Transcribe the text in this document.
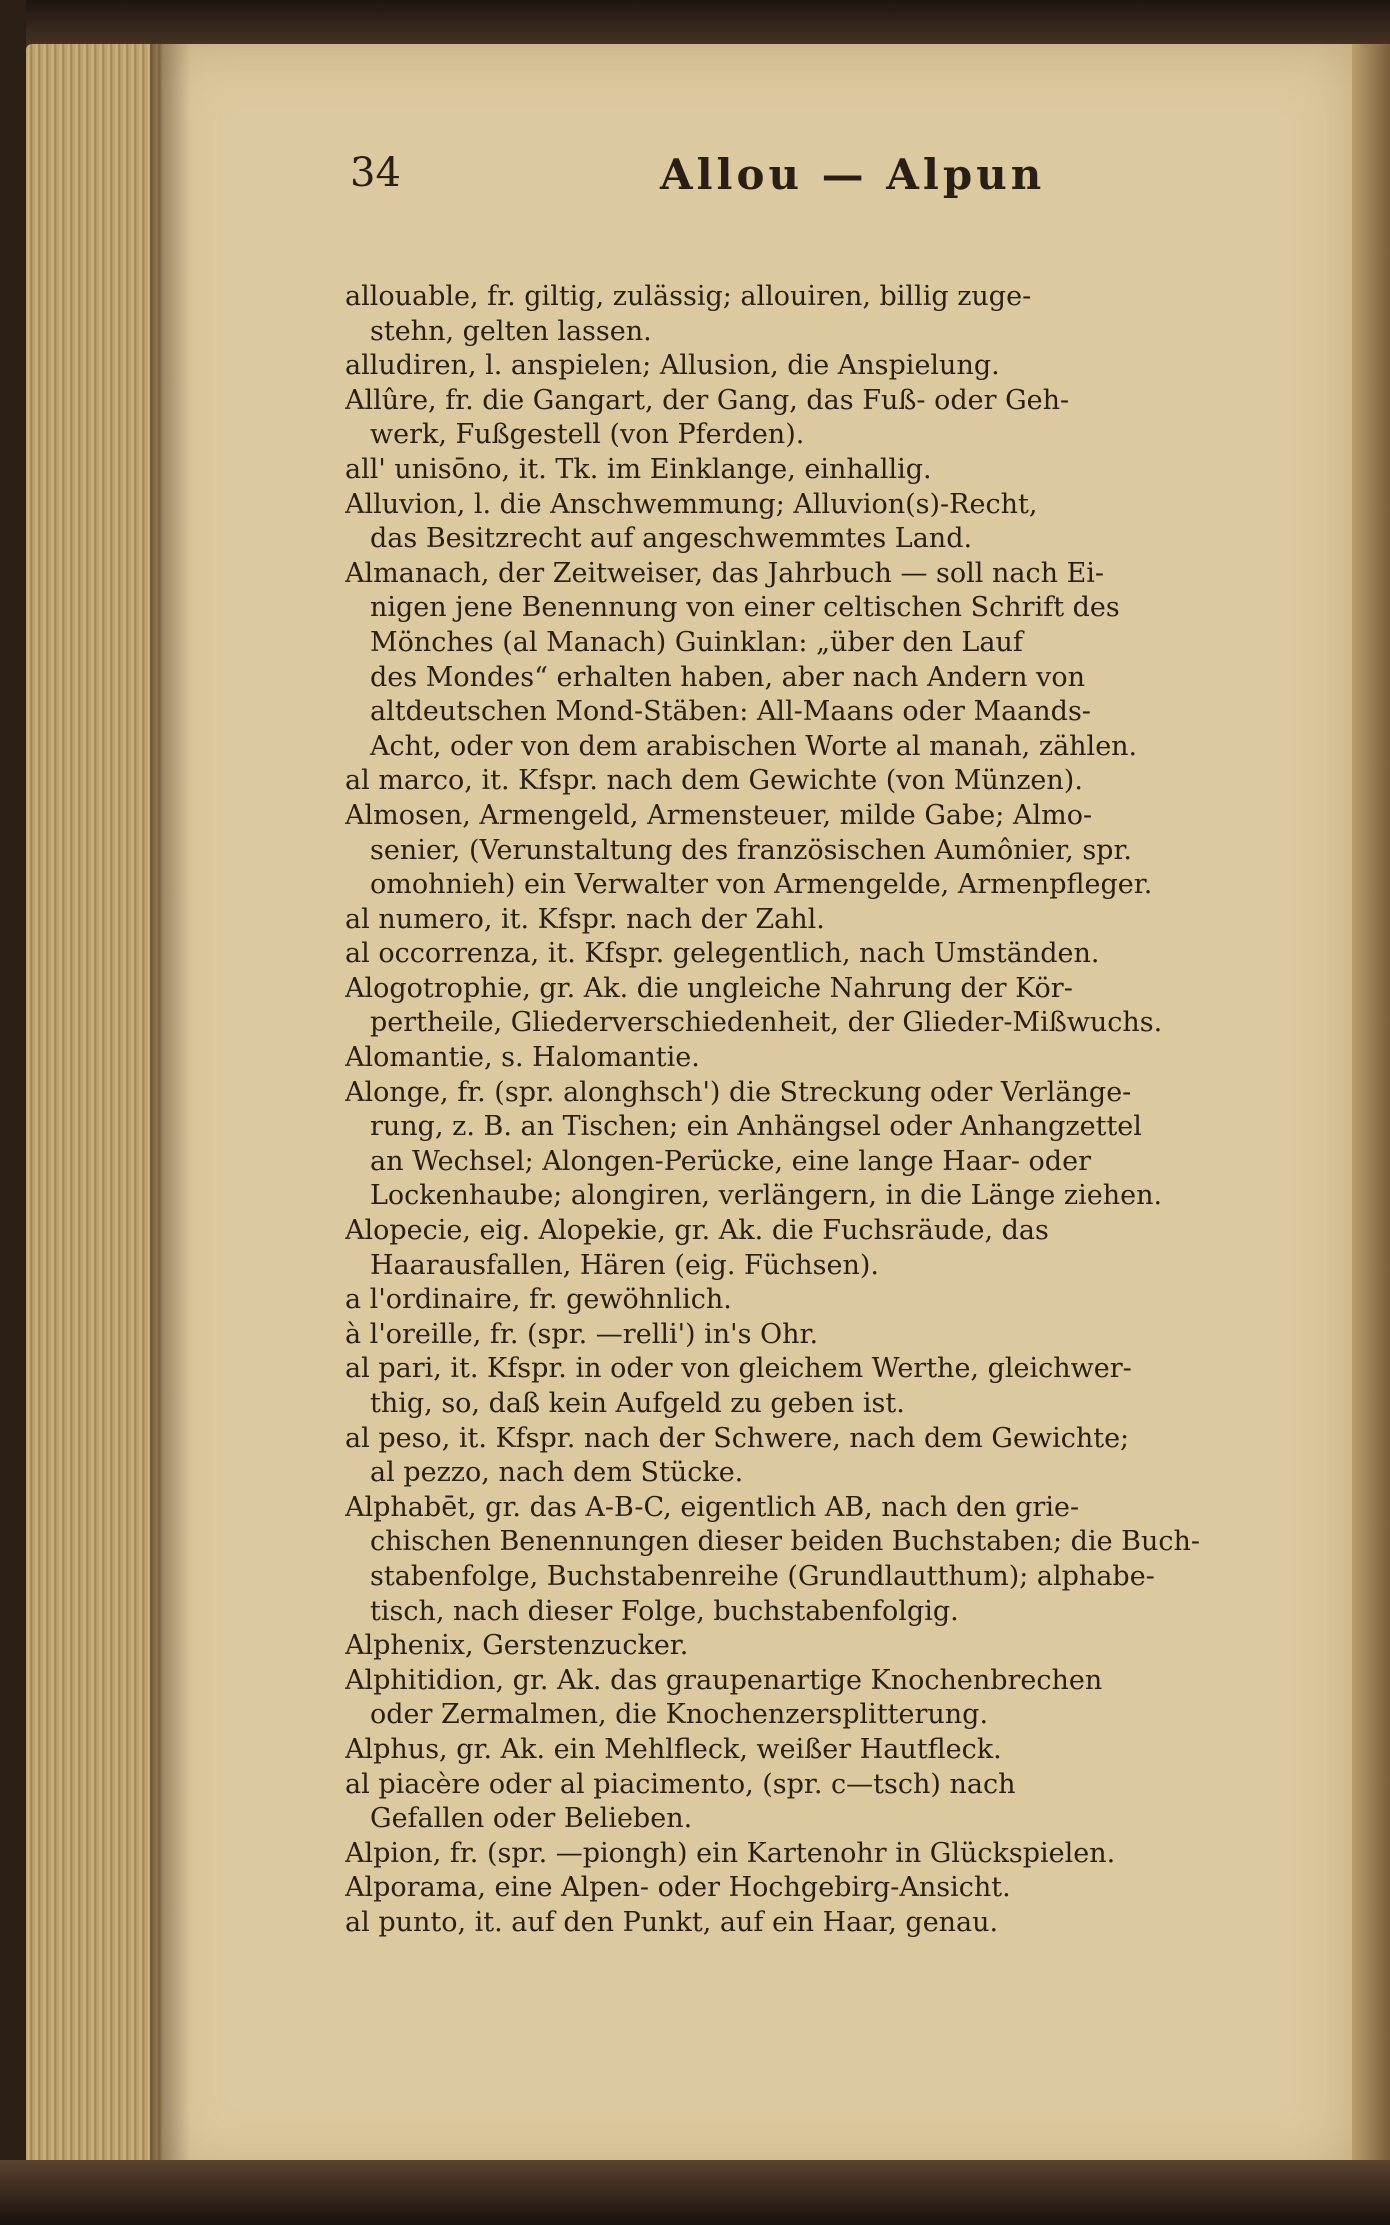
34	Allou — Alpun
allouable, fr. giltig, zulässig; allouiren, billig zuge-
stehn, gelten lassen.
alludiren, l. anspielen; Allusion, die Anspielung.
Allûre, fr. die Gangart, der Gang, das Fuß- oder Geh-
werk, Fußgestell (von Pferden).
all' unisōno, it. Tk. im Einklange, einhallig.
Alluvion, l. die Anschwemmung; Alluvion(s)-Recht,
das Besitzrecht auf angeschwemmtes Land.
Almanach, der Zeitweiser, das Jahrbuch — soll nach Ei-
nigen jene Benennung von einer celtischen Schrift des
Mönches (al Manach) Guinklan: „über den Lauf
des Mondes“ erhalten haben, aber nach Andern von
altdeutschen Mond-Stäben: All-Maans oder Maands-
Acht, oder von dem arabischen Worte al manah, zählen.
al marco, it. Kfspr. nach dem Gewichte (von Münzen).
Almosen, Armengeld, Armensteuer, milde Gabe; Almo-
senier, (Verunstaltung des französischen Aumônier, spr.
omohnieh) ein Verwalter von Armengelde, Armenpfleger.
al numero, it. Kfspr. nach der Zahl.
al occorrenza, it. Kfspr. gelegentlich, nach Umständen.
Alogotrophie, gr. Ak. die ungleiche Nahrung der Kör-
pertheile, Gliederverschiedenheit, der Glieder-Mißwuchs.
Alomantie, s. Halomantie.
Alonge, fr. (spr. alonghsch') die Streckung oder Verlänge-
rung, z. B. an Tischen; ein Anhängsel oder Anhangzettel
an Wechsel; Alongen-Perücke, eine lange Haar- oder
Lockenhaube; alongiren, verlängern, in die Länge ziehen.
Alopecie, eig. Alopekie, gr. Ak. die Fuchsräude, das
Haarausfallen, Hären (eig. Füchsen).
a l'ordinaire, fr. gewöhnlich.
à l'oreille, fr. (spr. —relli') in's Ohr.
al pari, it. Kfspr. in oder von gleichem Werthe, gleichwer-
thig, so, daß kein Aufgeld zu geben ist.
al peso, it. Kfspr. nach der Schwere, nach dem Gewichte;
al pezzo, nach dem Stücke.
Alphabēt, gr. das A-B-C, eigentlich AB, nach den grie-
chischen Benennungen dieser beiden Buchstaben; die Buch-
stabenfolge, Buchstabenreihe (Grundlautthum); alphabe-
tisch, nach dieser Folge, buchstabenfolgig.
Alphenix, Gerstenzucker.
Alphitidion, gr. Ak. das graupenartige Knochenbrechen
oder Zermalmen, die Knochenzersplitterung.
Alphus, gr. Ak. ein Mehlfleck, weißer Hautfleck.
al piacère oder al piacimento, (spr. c—tsch) nach
Gefallen oder Belieben.
Alpion, fr. (spr. —piongh) ein Kartenohr in Glückspielen.
Alporama, eine Alpen- oder Hochgebirg-Ansicht.
al punto, it. auf den Punkt, auf ein Haar, genau.
